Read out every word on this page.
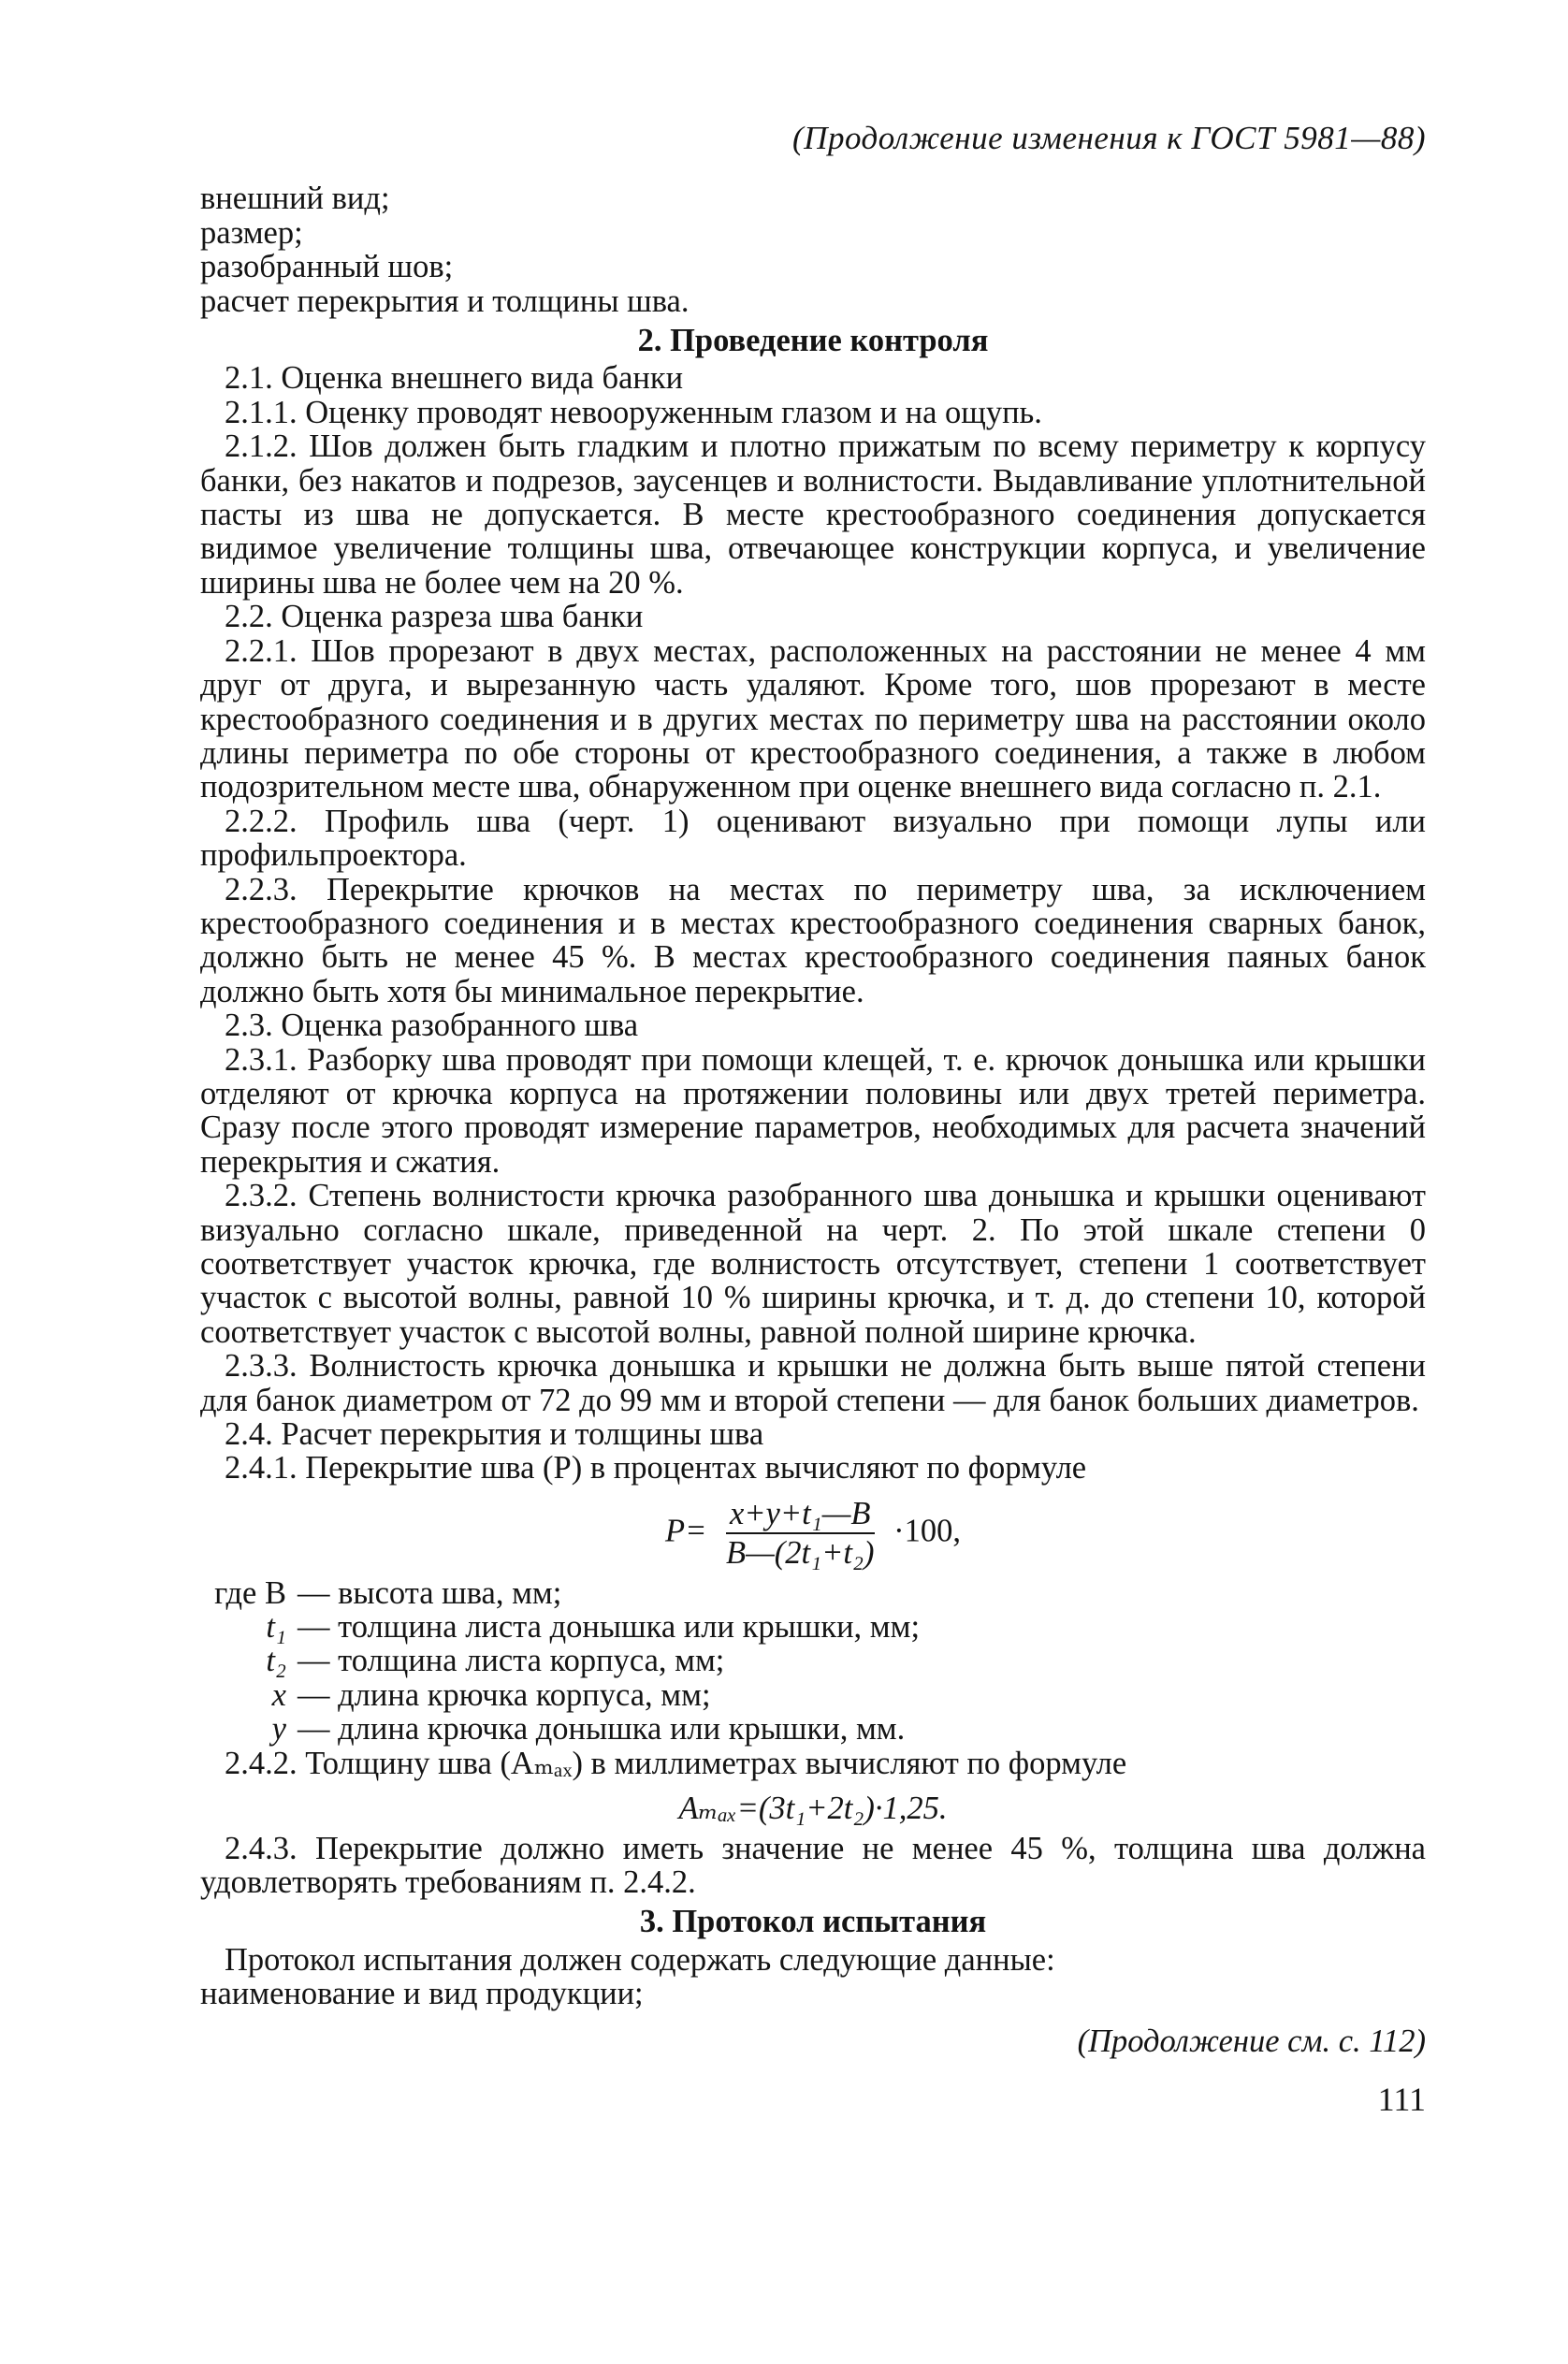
(Продолжение изменения к ГОСТ 5981—88)

внешний вид;

размер;

разобранный шов;

расчет перекрытия и толщины шва.

2. Проведение контроля

2.1. Оценка внешнего вида банки

2.1.1. Оценку проводят невооруженным глазом и на ощупь.

2.1.2. Шов должен быть гладким и плотно прижатым по всему периметру к корпусу банки, без накатов и подрезов, заусенцев и волнистости. Выдавливание уплотнительной пасты из шва не допускается. В месте крестообразного соединения допускается видимое увеличение толщины шва, отвечающее конструкции корпуса, и увеличение ширины шва не более чем на 20 %.

2.2. Оценка разреза шва банки

2.2.1. Шов прорезают в двух местах, расположенных на расстоянии не менее 4 мм друг от друга, и вырезанную часть удаляют. Кроме того, шов прорезают в месте крестообразного соединения и в других местах по периметру шва на расстоянии около длины периметра по обе стороны от крестообразного соединения, а также в любом подозрительном месте шва, обнаруженном при оценке внешнего вида согласно п. 2.1.

2.2.2. Профиль шва (черт. 1) оценивают визуально при помощи лупы или профильпроектора.

2.2.3. Перекрытие крючков на местах по периметру шва, за исключением крестообразного соединения и в местах крестообразного соединения сварных банок, должно быть не менее 45 %. В местах крестообразного соединения паяных банок должно быть хотя бы минимальное перекрытие.

2.3. Оценка разобранного шва

2.3.1. Разборку шва проводят при помощи клещей, т. е. крючок донышка или крышки отделяют от крючка корпуса на протяжении половины или двух третей периметра. Сразу после этого проводят измерение параметров, необходимых для расчета значений перекрытия и сжатия.

2.3.2. Степень волнистости крючка разобранного шва донышка и крышки оценивают визуально согласно шкале, приведенной на черт. 2. По этой шкале степени 0 соответствует участок крючка, где волнистость отсутствует, степени 1 соответствует участок с высотой волны, равной 10 % ширины крючка, и т. д. до степени 10, которой соответствует участок с высотой волны, равной полной ширине крючка.

2.3.3. Волнистость крючка донышка и крышки не должна быть выше пятой степени для банок диаметром от 72 до 99 мм и второй степени — для банок больших диаметров.

2.4. Расчет перекрытия и толщины шва

2.4.1. Перекрытие шва (P) в процентах вычисляют по формуле

$P= \frac{\text{x+y+t₁—B}}{\text{B—(2t₁+t₂)}} \cdot 100$,
где B — высота шва, мм;
t₁ — толщина листа донышка или крышки, мм;
t₂ — толщина листа корпуса, мм;
x — длина крючка корпуса, мм;
y — длина крючка донышка или крышки, мм.

2.4.2. Толщину шва (Aₘₐₓ) в миллиметрах вычисляют по формуле

Aₘₐₓ=(3t₁+2t₂)·1,25.

2.4.3. Перекрытие должно иметь значение не менее 45 %, толщина шва должна удовлетворять требованиям п. 2.4.2.

3. Протокол испытания

Протокол испытания должен содержать следующие данные:

наименование и вид продукции;

(Продолжение см. с. 112)
111
